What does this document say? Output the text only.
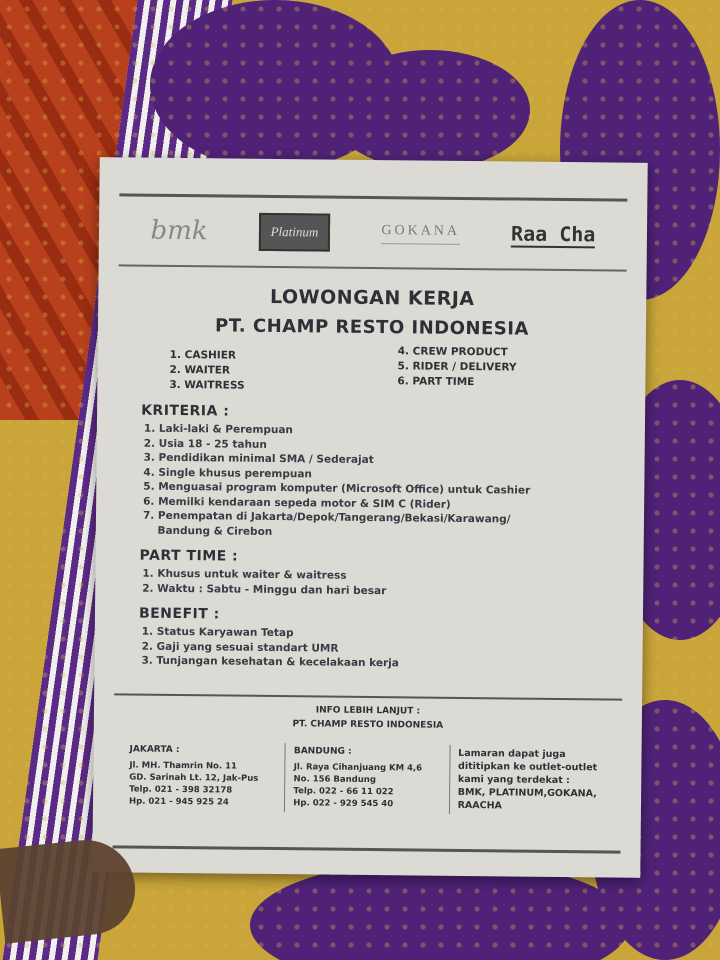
bmk	Platinum	GOKANA	Raa Cha
LOWONGAN KERJA
PT. CHAMP RESTO INDONESIA
1. CASHIER
2. WAITER
3. WAITRESS
4. CREW PRODUCT
5. RIDER / DELIVERY
6. PART TIME
KRITERIA :
1. Laki-laki & Perempuan
2. Usia 18 - 25 tahun
3. Pendidikan minimal SMA / Sederajat
4. Single khusus perempuan
5. Menguasai program komputer (Microsoft Office) untuk Cashier
6. Memilki kendaraan sepeda motor & SIM C (Rider)
7. Penempatan di Jakarta/Depok/Tangerang/Bekasi/Karawang/
Bandung & Cirebon
PART TIME :
1. Khusus untuk waiter & waitress
2. Waktu : Sabtu - Minggu dan hari besar
BENEFIT :
1. Status Karyawan Tetap
2. Gaji yang sesuai standart UMR
3. Tunjangan kesehatan & kecelakaan kerja
INFO LEBIH LANJUT :
PT. CHAMP RESTO INDONESIA
JAKARTA :
Jl. MH. Thamrin No. 11
GD. Sarinah Lt. 12, Jak-Pus
Telp. 021 - 398 32178
Hp. 021 - 945 925 24
BANDUNG :
Jl. Raya Cihanjuang KM 4,6
No. 156 Bandung
Telp. 022 - 66 11 022
Hp. 022 - 929 545 40
Lamaran dapat juga
dititipkan ke outlet-outlet
kami yang terdekat :
BMK, PLATINUM,GOKANA,
RAACHA
